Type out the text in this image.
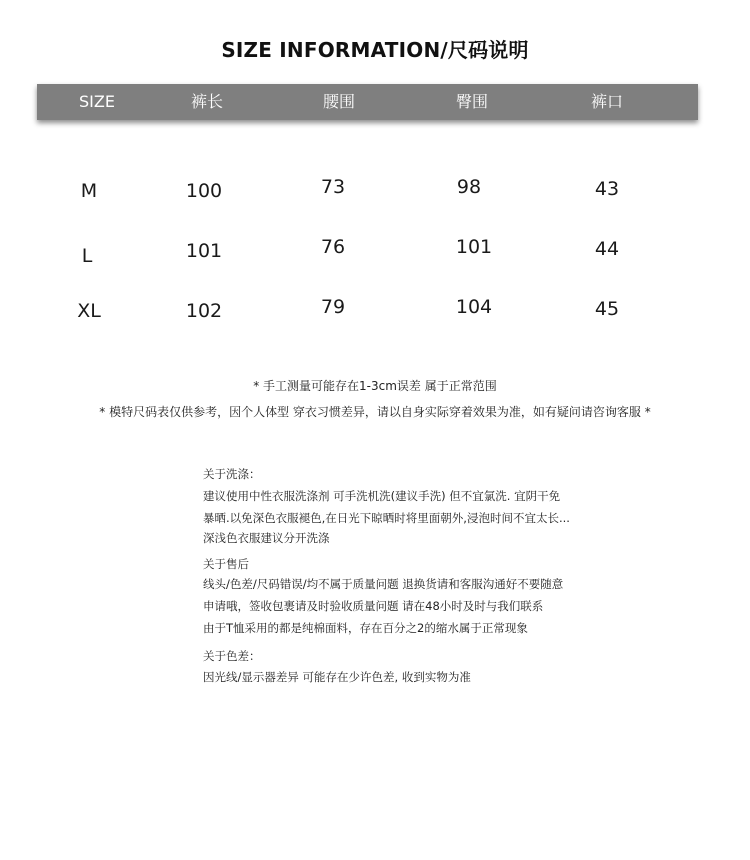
SIZE INFORMATION/尺码说明
SIZE	裤长	腰围	臀围	裤口
M	100	73	98	43
L	101	76	101	44
XL	102	79	104	45
* 手工测量可能存在1-3cm误差 属于正常范围
* 模特尺码表仅供参考，因个人体型 穿衣习惯差异，请以自身实际穿着效果为准，如有疑问请咨询客服 *
关于洗涤：
建议使用中性衣服洗涤剂 可手洗机洗(建议手洗) 但不宜氯洗. 宜阴干免
暴晒.以免深色衣服褪色,在日光下晾晒时将里面朝外,浸泡时间不宜太长...
深浅色衣服建议分开洗涤
关于售后
线头/色差/尺码错误/均不属于质量问题 退换货请和客服沟通好不要随意
申请哦，签收包裹请及时验收质量问题 请在48小时及时与我们联系
由于T恤采用的都是纯棉面料，存在百分之2的缩水属于正常现象
关于色差：
因光线/显示器差异 可能存在少许色差, 收到实物为准
